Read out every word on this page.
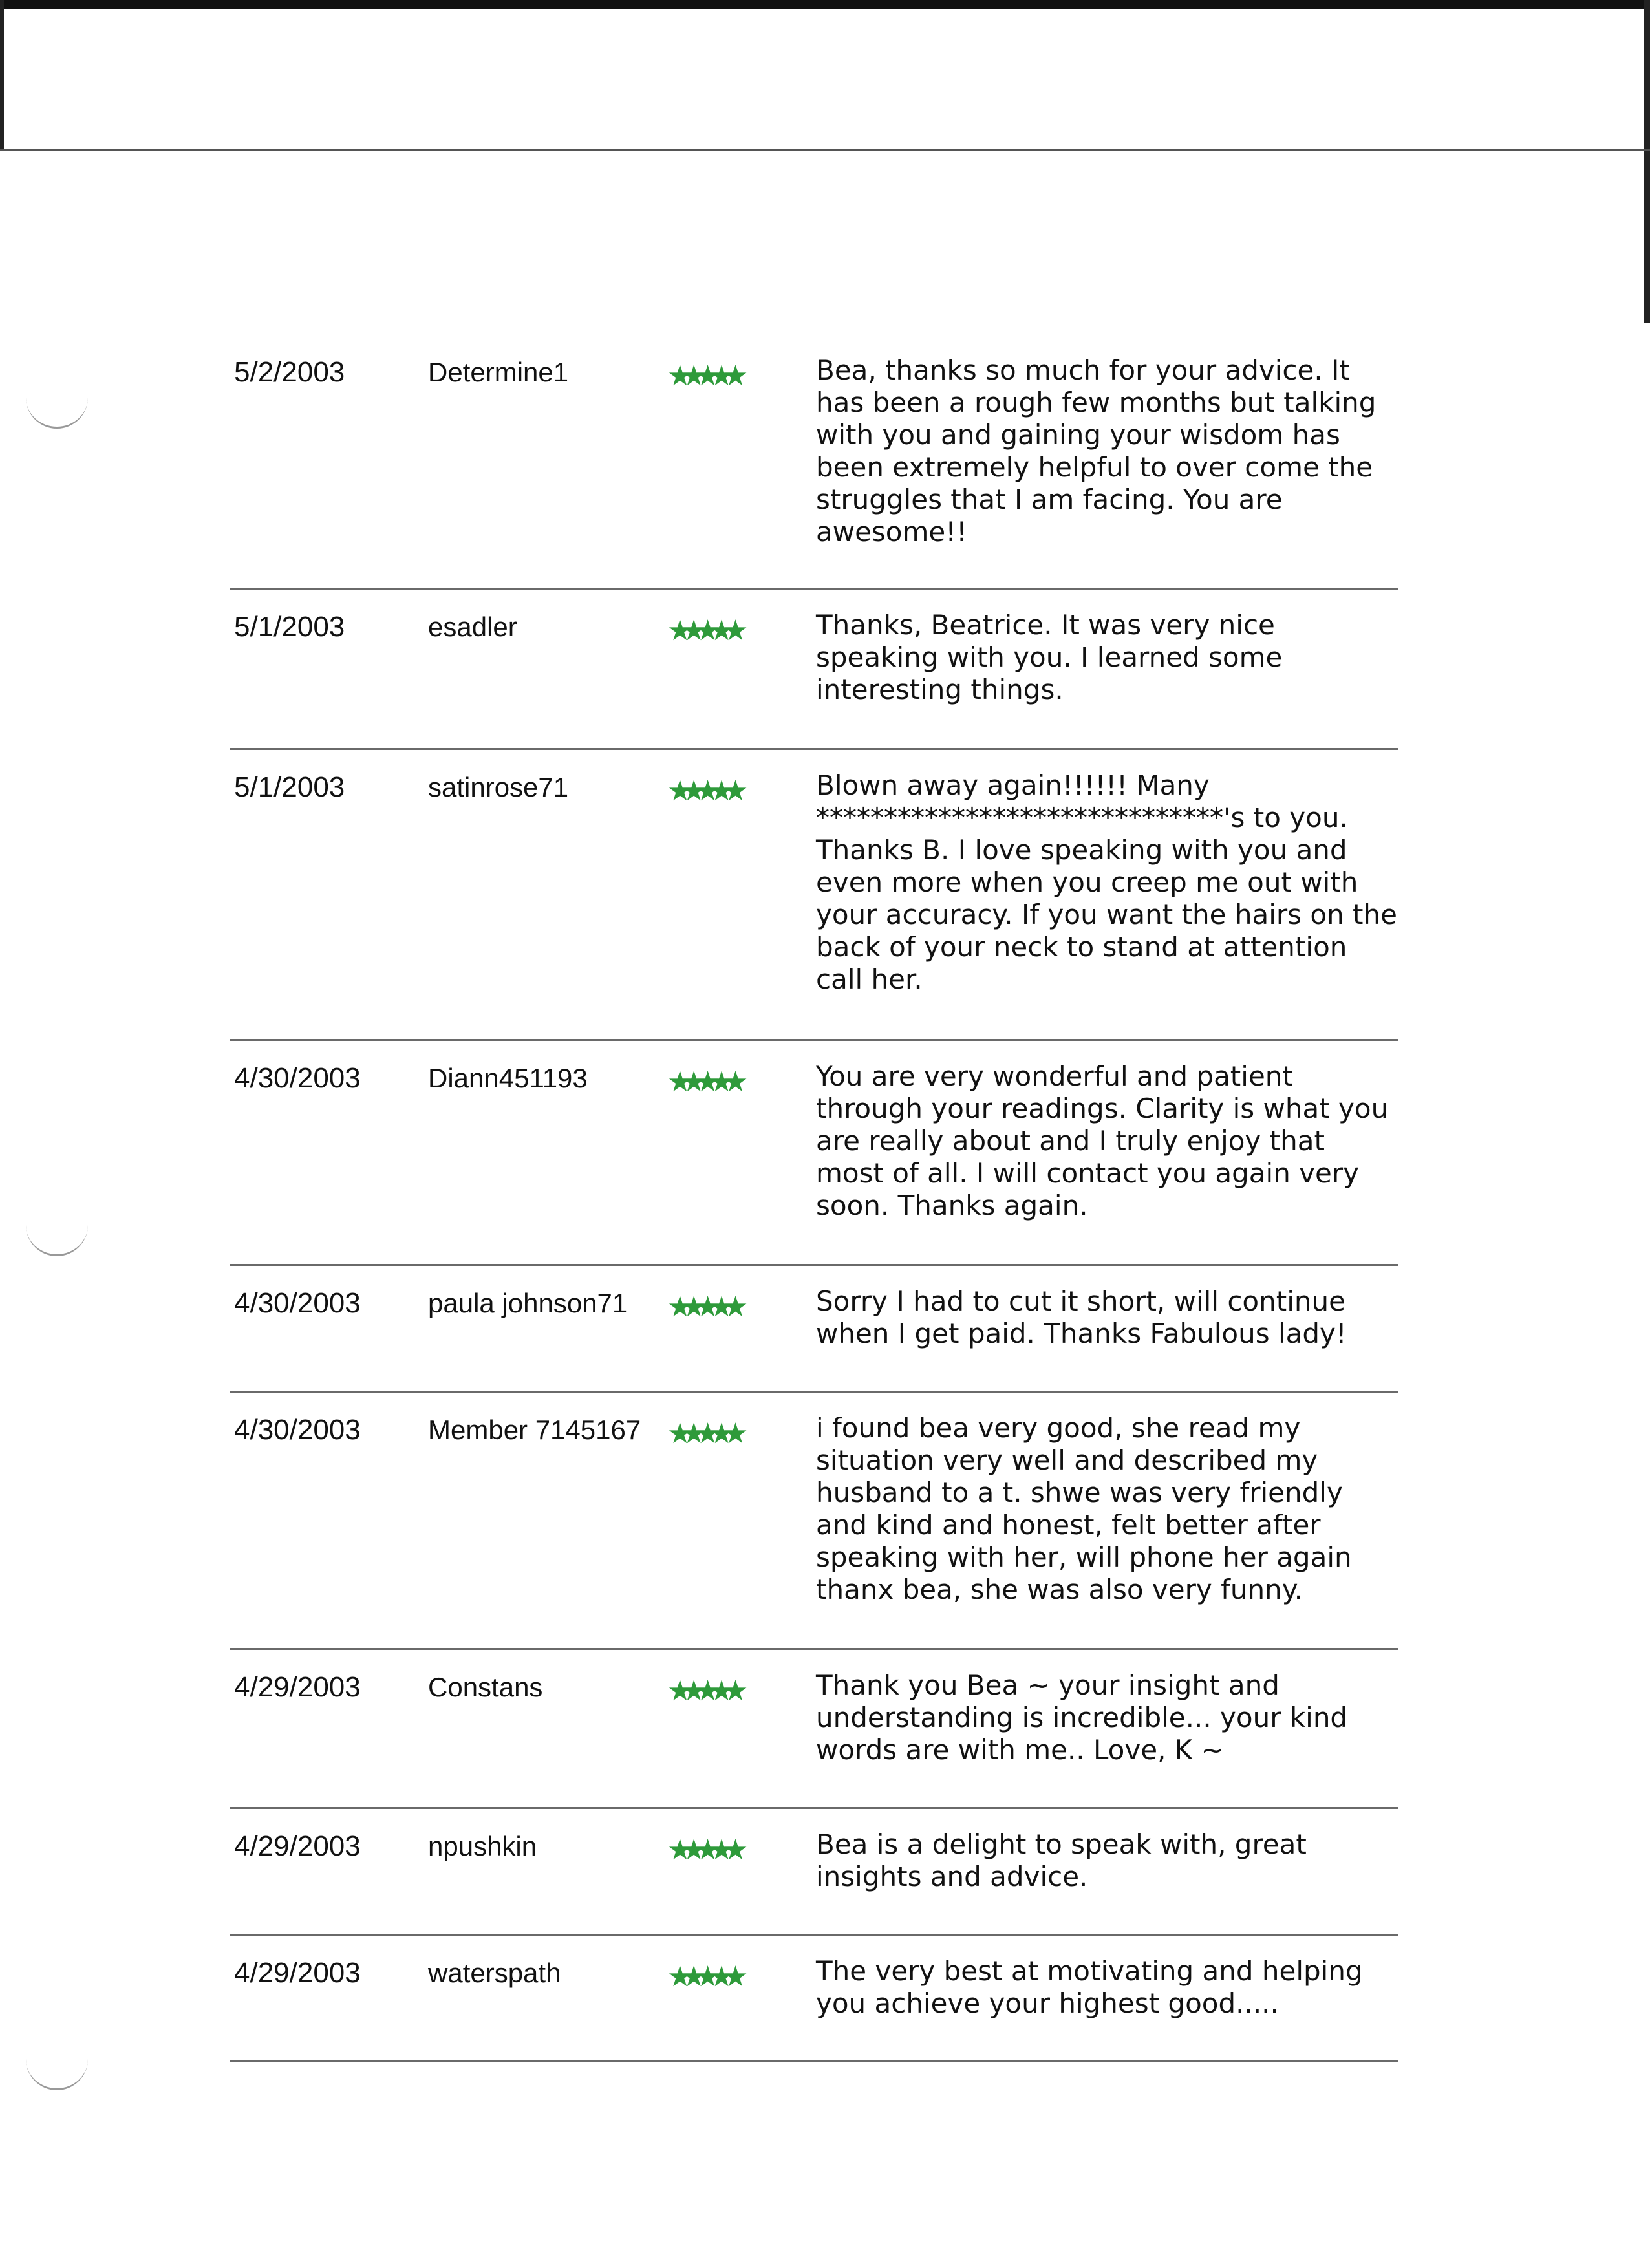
5/2/2003	Determine1	★ ★ ★ ★ ★	Bea, thanks so much for your advice. It has been a rough few months but talking with you and gaining your wisdom has been extremely helpful to over come the struggles that I am facing. You are awesome!!
5/1/2003	esadler	★ ★ ★ ★ ★	Thanks, Beatrice. It was very nice speaking with you. I learned some interesting things.
5/1/2003	satinrose71	★ ★ ★ ★ ★	Blown away again!!!!!! Many ******************************'s to you. Thanks B. I love speaking with you and even more when you creep me out with your accuracy. If you want the hairs on the back of your neck to stand at attention call her.
4/30/2003	Diann451193	★ ★ ★ ★ ★	You are very wonderful and patient through your readings. Clarity is what you are really about and I truly enjoy that most of all. I will contact you again very soon. Thanks again.
4/30/2003	paula johnson71	★ ★ ★ ★ ★	Sorry I had to cut it short, will continue when I get paid. Thanks Fabulous lady!
4/30/2003	Member 7145167 ★ ★ ★ ★ ★	i found bea very good, she read my situation very well and described my husband to a t. shwe was very friendly and kind and honest, felt better after speaking with her, will phone her again thanx bea, she was also very funny.
4/29/2003	Constans	★ ★ ★ ★ ★	Thank you Bea ~ your insight and understanding is incredible... your kind words are with me.. Love, K ~
4/29/2003	npushkin	★ ★ ★ ★ ★	Bea is a delight to speak with, great insights and advice.
4/29/2003	waterspath	★ ★ ★ ★ ★	The very best at motivating and helping you achieve your highest good.....
